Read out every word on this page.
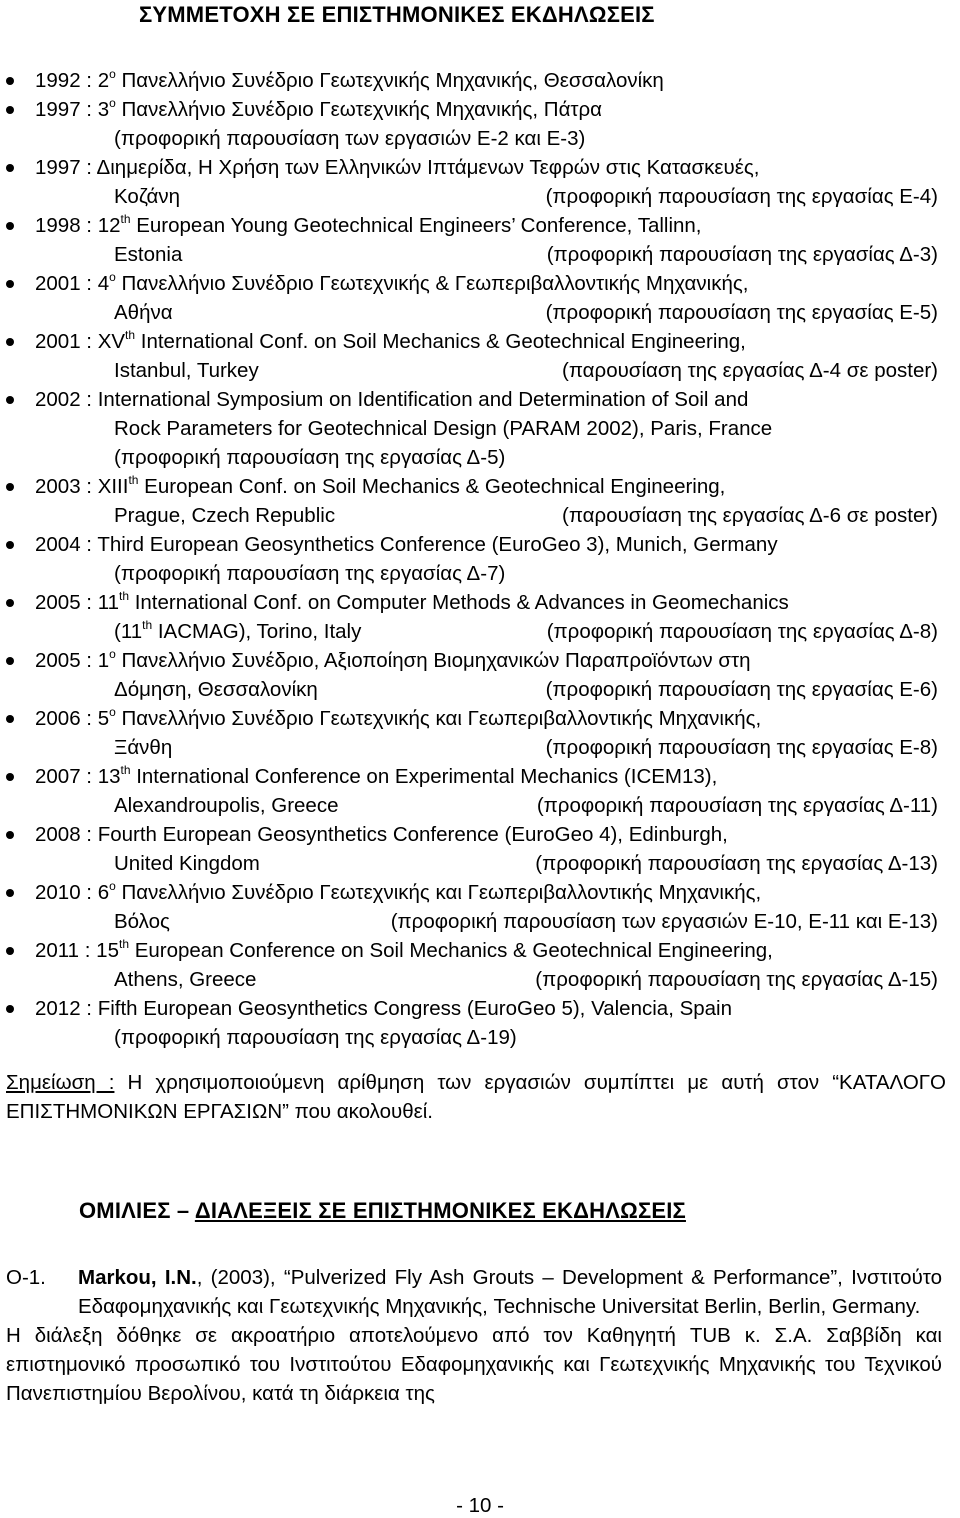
ΣΥΜΜΕΤΟΧΗ ΣΕ ΕΠΙΣΤΗΜΟΝΙΚΕΣ ΕΚΔΗΛΩΣΕΙΣ
1992 : $2^o$ Πανελλήνιο Συνέδριο Γεωτεχνικής Μηχανικής, Θεσσαλονίκη
1997 : $3^o$ Πανελλήνιο Συνέδριο Γεωτεχνικής Μηχανικής, Πάτρα
(προφορική παρουσίαση των εργασιών Ε-2 και Ε-3)
1997 : Διημερίδα, Η Χρήση των Ελληνικών Ιπτάμενων Τεφρών στις Κατασκευές,
Κοζάνη	(προφορική παρουσίαση της εργασίας Ε-4)
1998 : 12th European Young Geotechnical Engineers’ Conference, Tallinn,
Estonia	(προφορική παρουσίαση της εργασίας Δ-3)
2001 : $4^o$ Πανελλήνιο Συνέδριο Γεωτεχνικής & Γεωπεριβαλλοντικής Μηχανικής,
Αθήνα	(προφορική παρουσίαση της εργασίας Ε-5)
2001 : XVth International Conf. on Soil Mechanics & Geotechnical Engineering,
Istanbul, Turkey	(παρουσίαση της εργασίας Δ-4 σε poster)
2002 : International Symposium on Identification and Determination of Soil and
Rock Parameters for Geotechnical Design (PARAM 2002), Paris, France
(προφορική παρουσίαση της εργασίας Δ-5)
2003 : XIIIth European Conf. on Soil Mechanics & Geotechnical Engineering,
Prague, Czech Republic	(παρουσίαση της εργασίας Δ-6 σε poster)
2004 : Third European Geosynthetics Conference (EuroGeo 3), Munich, Germany
(προφορική παρουσίαση της εργασίας Δ-7)
2005 : 11th International Conf. on Computer Methods & Advances in Geomechanics
(11th IACMAG), Torino, Italy	(προφορική παρουσίαση της εργασίας Δ-8)
2005 : $1^o$ Πανελλήνιο Συνέδριο, Αξιοποίηση Βιομηχανικών Παραπροϊόντων στη
Δόμηση, Θεσσαλονίκη	(προφορική παρουσίαση της εργασίας Ε-6)
2006 : $5^o$ Πανελλήνιο Συνέδριο Γεωτεχνικής και Γεωπεριβαλλοντικής Μηχανικής,
Ξάνθη	(προφορική παρουσίαση της εργασίας Ε-8)
2007 : 13th International Conference on Experimental Mechanics (ICEM13),
Alexandroupolis, Greece	(προφορική παρουσίαση της εργασίας Δ-11)
2008 : Fourth European Geosynthetics Conference (EuroGeo 4), Edinburgh,
United Kingdom	(προφορική παρουσίαση της εργασίας Δ-13)
2010 : $6^o$ Πανελλήνιο Συνέδριο Γεωτεχνικής και Γεωπεριβαλλοντικής Μηχανικής,
Βόλος	(προφορική παρουσίαση των εργασιών Ε-10, Ε-11 και Ε-13)
2011 : 15th European Conference on Soil Mechanics & Geotechnical Engineering,
Athens, Greece	(προφορική παρουσίαση της εργασίας Δ-15)
2012 : Fifth European Geosynthetics Congress (EuroGeo 5), Valencia, Spain
(προφορική παρουσίαση της εργασίας Δ-19)
Σημείωση : Η χρησιμοποιούμενη αρίθμηση των εργασιών συμπίπτει με αυτή στον “ΚΑΤΑΛΟΓΟ ΕΠΙΣΤΗΜΟΝΙΚΩΝ ΕΡΓΑΣΙΩΝ” που ακολουθεί.
ΟΜΙΛΙΕΣ – ΔΙΑΛΕΞΕΙΣ ΣΕ ΕΠΙΣΤΗΜΟΝΙΚΕΣ ΕΚΔΗΛΩΣΕΙΣ
Ο-1.	Markou, I.N., (2003), “Pulverized Fly Ash Grouts – Development & Performance”, Ινστιτούτο Εδαφομηχανικής και Γεωτεχνικής Μηχανικής, Technische Universitat Berlin, Berlin, Germany.
Η διάλεξη δόθηκε σε ακροατήριο αποτελούμενο από τον Καθηγητή TUB κ. Σ.Α. Σαββίδη και επιστημονικό προσωπικό του Ινστιτούτου Εδαφομηχανικής και Γεωτεχνικής Μηχανικής του Τεχνικού Πανεπιστημίου Βερολίνου, κατά τη διάρκεια της
- 10 -
